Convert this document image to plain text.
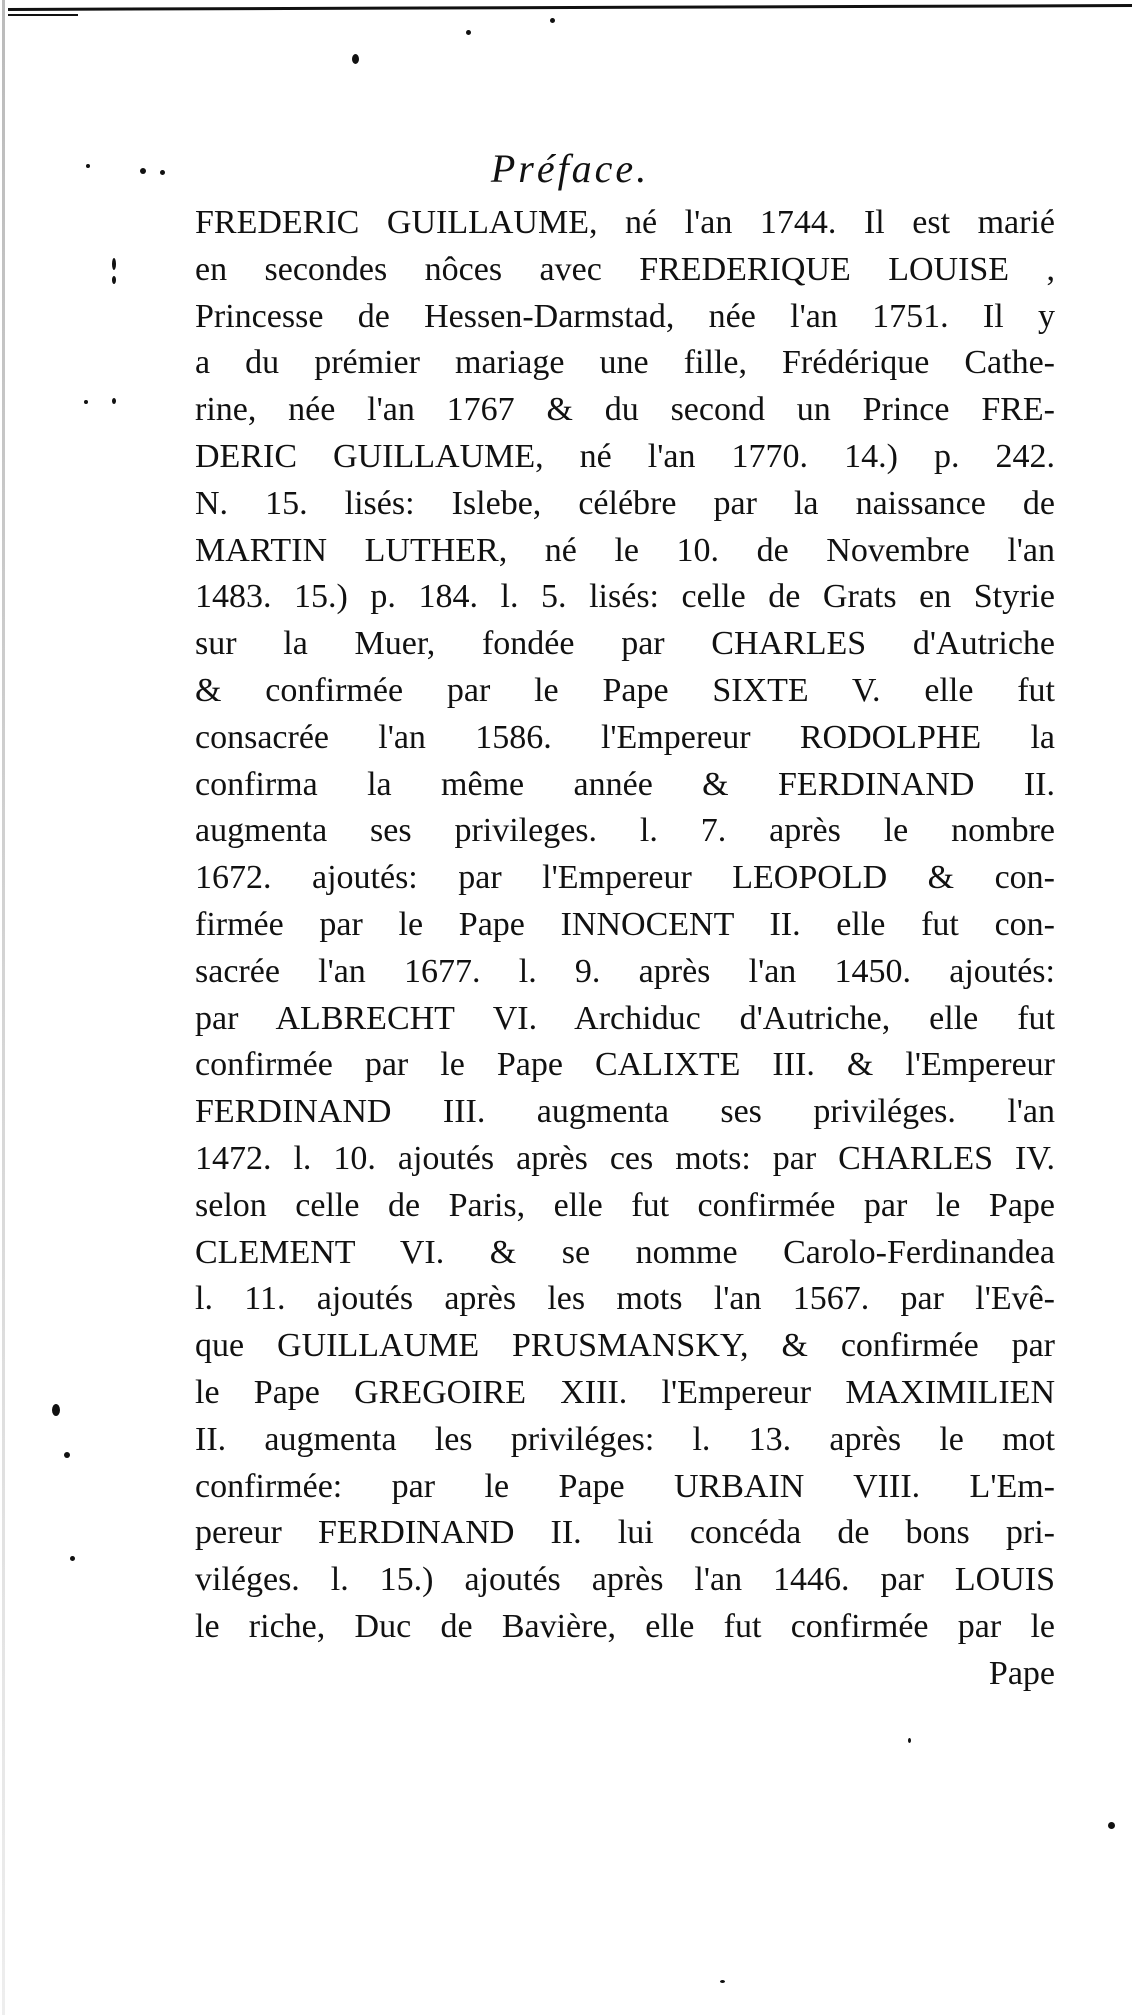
Préface.
FREDERIC GUILLAUME, né l'an 1744. Il est marié
en secondes nôces avec FREDERIQUE LOUISE ,
Princesse de Hessen-Darmstad, née l'an 1751. Il y
a du prémier mariage une fille, Frédérique Cathe-
rine, née l'an 1767 & du second un Prince FRE-
DERIC GUILLAUME, né l'an 1770. 14.) p. 242.
N. 15. lisés: Islebe, célébre par la naissance de
MARTIN LUTHER, né le 10. de Novembre l'an
1483. 15.) p. 184. l. 5. lisés: celle de Grats en Styrie
sur la Muer, fondée par CHARLES d'Autriche
& confirmée par le Pape SIXTE V. elle fut
consacrée l'an 1586. l'Empereur RODOLPHE la
confirma la même année & FERDINAND II.
augmenta ses privileges. l. 7. après le nombre
1672. ajoutés: par l'Empereur LEOPOLD & con-
firmée par le Pape INNOCENT II. elle fut con-
sacrée l'an 1677. l. 9. après l'an 1450. ajoutés:
par ALBRECHT VI. Archiduc d'Autriche, elle fut
confirmée par le Pape CALIXTE III. & l'Empereur
FERDINAND III. augmenta ses priviléges. l'an
1472. l. 10. ajoutés après ces mots: par CHARLES IV.
selon celle de Paris, elle fut confirmée par le Pape
CLEMENT VI. & se nomme Carolo-Ferdinandea
l. 11. ajoutés après les mots l'an 1567. par l'Evê-
que GUILLAUME PRUSMANSKY, & confirmée par
le Pape GREGOIRE XIII. l'Empereur MAXIMILIEN
II. augmenta les priviléges: l. 13. après le mot
confirmée: par le Pape URBAIN VIII. L'Em-
pereur FERDINAND II. lui concéda de bons pri-
viléges. l. 15.) ajoutés après l'an 1446. par LOUIS
le riche, Duc de Bavière, elle fut confirmée par le
Pape
